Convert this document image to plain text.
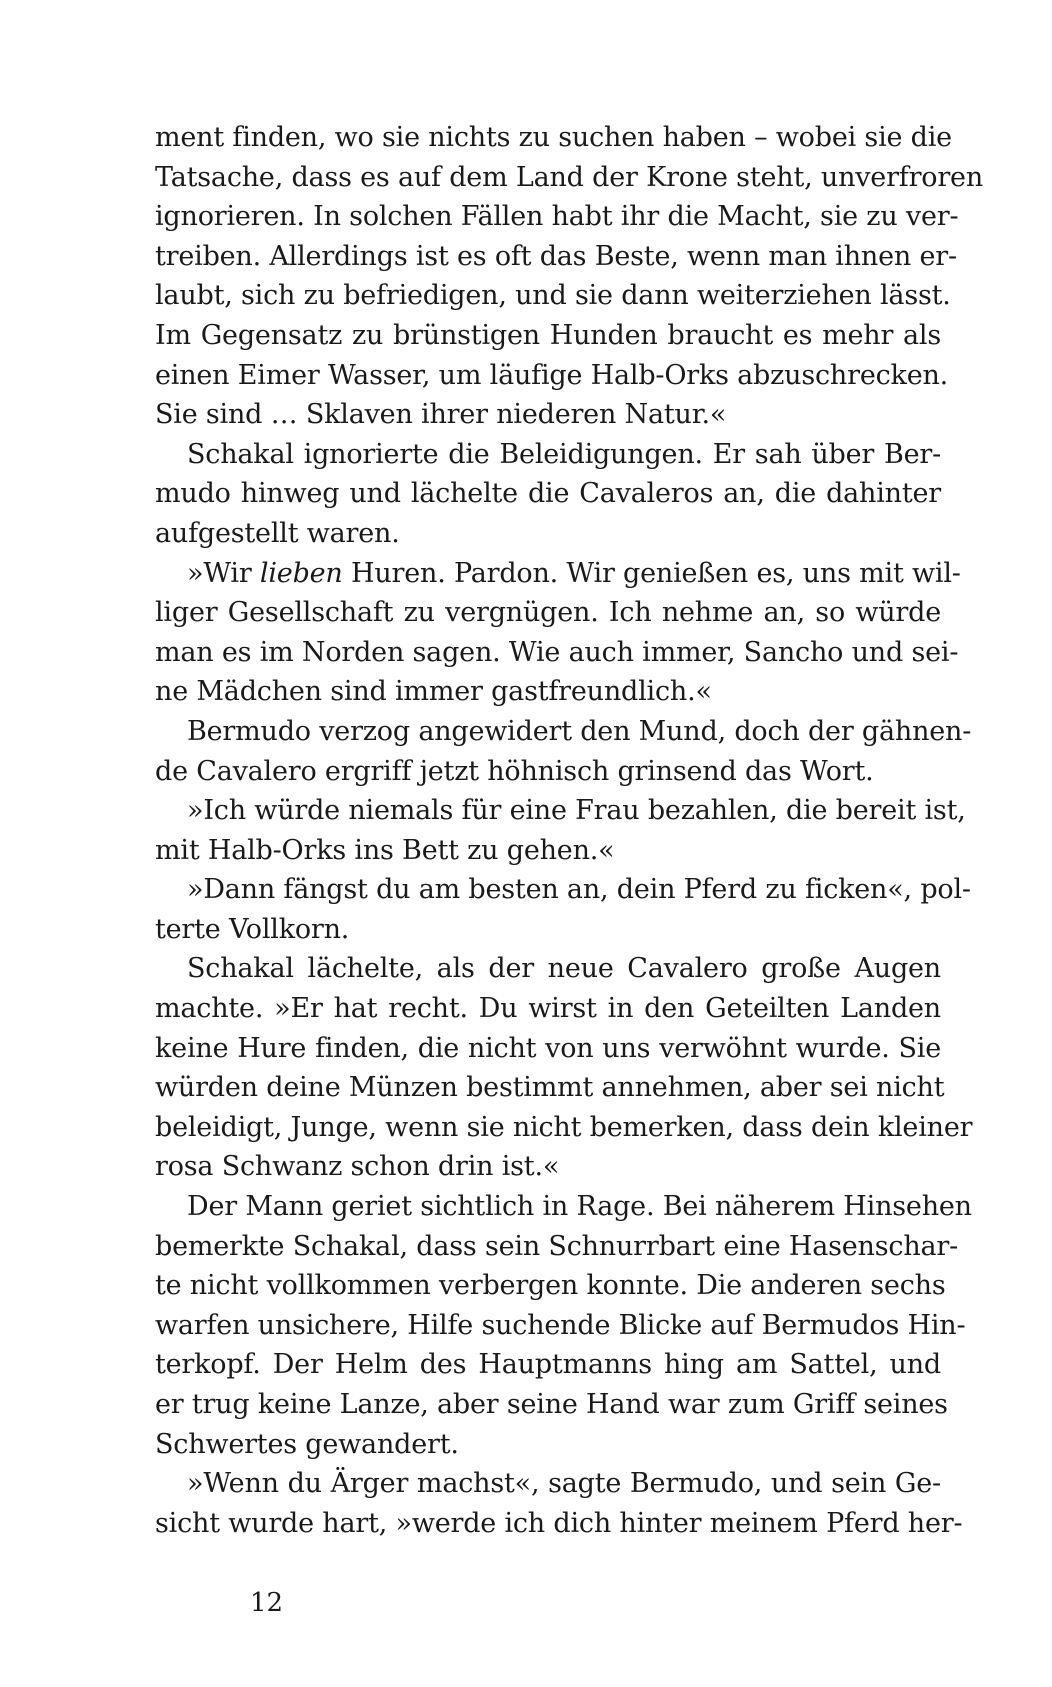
ment finden, wo sie nichts zu suchen haben – wobei sie die
Tatsache, dass es auf dem Land der Krone steht, unverfroren
ignorieren. In solchen Fällen habt ihr die Macht, sie zu ver-
treiben. Allerdings ist es oft das Beste, wenn man ihnen er-
laubt, sich zu befriedigen, und sie dann weiterziehen lässt.
Im Gegensatz zu brünstigen Hunden braucht es mehr als
einen Eimer Wasser, um läufige Halb-Orks abzuschrecken.
Sie sind … Sklaven ihrer niederen Natur.«
Schakal ignorierte die Beleidigungen. Er sah über Ber-
mudo hinweg und lächelte die Cavaleros an, die dahinter
aufgestellt waren.
»Wir lieben Huren. Pardon. Wir genießen es, uns mit wil-
liger Gesellschaft zu vergnügen. Ich nehme an, so würde
man es im Norden sagen. Wie auch immer, Sancho und sei-
ne Mädchen sind immer gastfreundlich.«
Bermudo verzog angewidert den Mund, doch der gähnen-
de Cavalero ergriff jetzt höhnisch grinsend das Wort.
»Ich würde niemals für eine Frau bezahlen, die bereit ist,
mit Halb-Orks ins Bett zu gehen.«
»Dann fängst du am besten an, dein Pferd zu ficken«, pol-
terte Vollkorn.
Schakal lächelte, als der neue Cavalero große Augen
machte. »Er hat recht. Du wirst in den Geteilten Landen
keine Hure finden, die nicht von uns verwöhnt wurde. Sie
würden deine Münzen bestimmt annehmen, aber sei nicht
beleidigt, Junge, wenn sie nicht bemerken, dass dein kleiner
rosa Schwanz schon drin ist.«
Der Mann geriet sichtlich in Rage. Bei näherem Hinsehen
bemerkte Schakal, dass sein Schnurrbart eine Hasenschar-
te nicht vollkommen verbergen konnte. Die anderen sechs
warfen unsichere, Hilfe suchende Blicke auf Bermudos Hin-
terkopf. Der Helm des Hauptmanns hing am Sattel, und
er trug keine Lanze, aber seine Hand war zum Griff seines
Schwertes gewandert.
»Wenn du Ärger machst«, sagte Bermudo, und sein Ge-
sicht wurde hart, »werde ich dich hinter meinem Pferd her-
12
